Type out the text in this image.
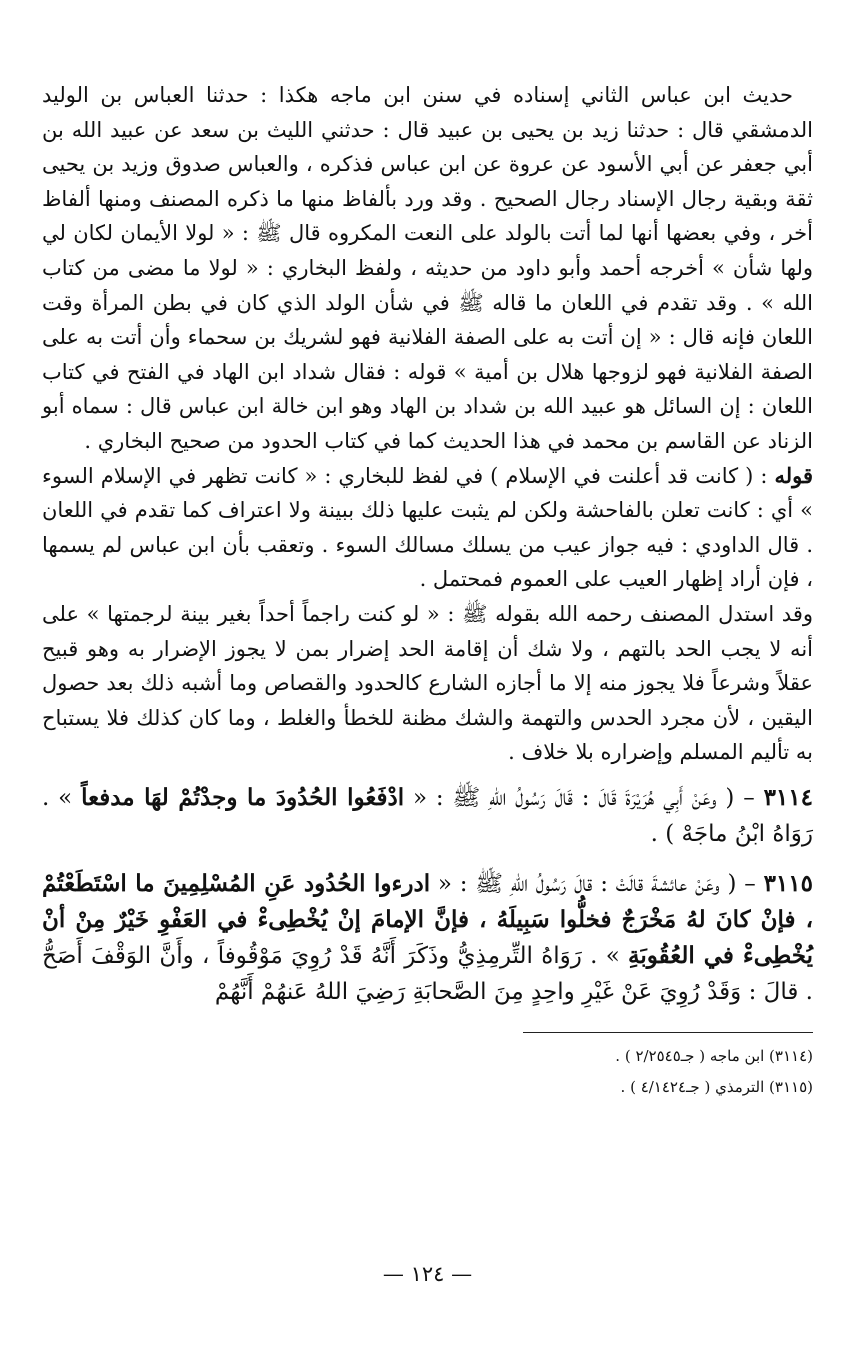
حديث ابن عباس الثاني إسناده في سنن ابن ماجه هكذا : حدثنا العباس بن الوليد الدمشقي قال : حدثنا زيد بن يحيى بن عبيد قال : حدثني الليث بن سعد عن عبيد الله بن أبي جعفر عن أبي الأسود عن عروة عن ابن عباس فذكره ، والعباس صدوق وزيد بن يحيى ثقة وبقية رجال الإسناد رجال الصحيح . وقد ورد بألفاظ منها ما ذكره المصنف ومنها ألفاظ أخر ، وفي بعضها أنها لما أتت بالولد على النعت المكروه قال ﷺ : « لولا الأيمان لكان لي ولها شأن » أخرجه أحمد وأبو داود من حديثه ، ولفظ البخاري : « لولا ما مضى من كتاب الله » . وقد تقدم في اللعان ما قاله ﷺ في شأن الولد الذي كان في بطن المرأة وقت اللعان فإنه قال : « إن أتت به على الصفة الفلانية فهو لشريك بن سحماء وأن أتت به على الصفة الفلانية فهو لزوجها هلال بن أمية » قوله : فقال شداد ابن الهاد في الفتح في كتاب اللعان : إن السائل هو عبيد الله بن شداد بن الهاد وهو ابن خالة ابن عباس قال : سماه أبو الزناد عن القاسم بن محمد في هذا الحديث كما في كتاب الحدود من صحيح البخاري .

قوله : ( كانت قد أعلنت في الإسلام ) في لفظ للبخاري : « كانت تظهر في الإسلام السوء » أي : كانت تعلن بالفاحشة ولكن لم يثبت عليها ذلك ببينة ولا اعتراف كما تقدم في اللعان . قال الداودي : فيه جواز عيب من يسلك مسالك السوء . وتعقب بأن ابن عباس لم يسمها ، فإن أراد إظهار العيب على العموم فمحتمل .

وقد استدل المصنف رحمه الله بقوله ﷺ : « لو كنت راجماً أحداً بغير بينة لرجمتها » على أنه لا يجب الحد بالتهم ، ولا شك أن إقامة الحد إضرار بمن لا يجوز الإضرار به وهو قبيح عقلاً وشرعاً فلا يجوز منه إلا ما أجازه الشارع كالحدود والقصاص وما أشبه ذلك بعد حصول اليقين ، لأن مجرد الحدس والتهمة والشك مظنة للخطأ والغلط ، وما كان كذلك فلا يستباح به تأليم المسلم وإضراره بلا خلاف .

٣١١٤ – ( وعَنْ أَبِي هُرَيْرَةَ قَالَ : قَالَ رَسُولُ اللهِ ﷺ : « ادْفَعُوا الحُدُودَ ما وجدْتُمْ لهَا مدفعاً » . رَوَاهُ ابْنُ ماجَهْ ) .

٣١١٥ – ( وعَنْ عائشةَ قالَتْ : قالَ رَسُولُ اللهِ ﷺ : « ادرءوا الحُدُود عَنِ المُسْلِمِينَ ما اسْتَطَعْتُمْ ، فإنْ كانَ لهُ مَخْرَجٌ فخلُّوا سَبِيلَهُ ، فإنَّ الإمامَ إنْ يُخْطِىءْ في العَفْوِ خَيْرٌ مِنْ أنْ يُخْطِىءْ في العُقُوبَةِ » . رَوَاهُ التِّرمِذِيُّ وذَكَرَ أَنَّهُ قَدْ رُوِيَ مَوْقُوفاً ، وأَنَّ الوَقْفَ أَصَحُّ . قالَ : وَقَدْ رُوِيَ عَنْ غَيْرِ واحِدٍ مِنَ الصَّحابَةِ رَضِيَ اللهُ عَنهُمْ أَنَّهُمْ

(٣١١٤) ابن ماجه ( جـ٢/٢٥٤٥ ) .

(٣١١٥) الترمذي ( جـ٤/١٤٢٤ ) .

— ١٢٤ —
